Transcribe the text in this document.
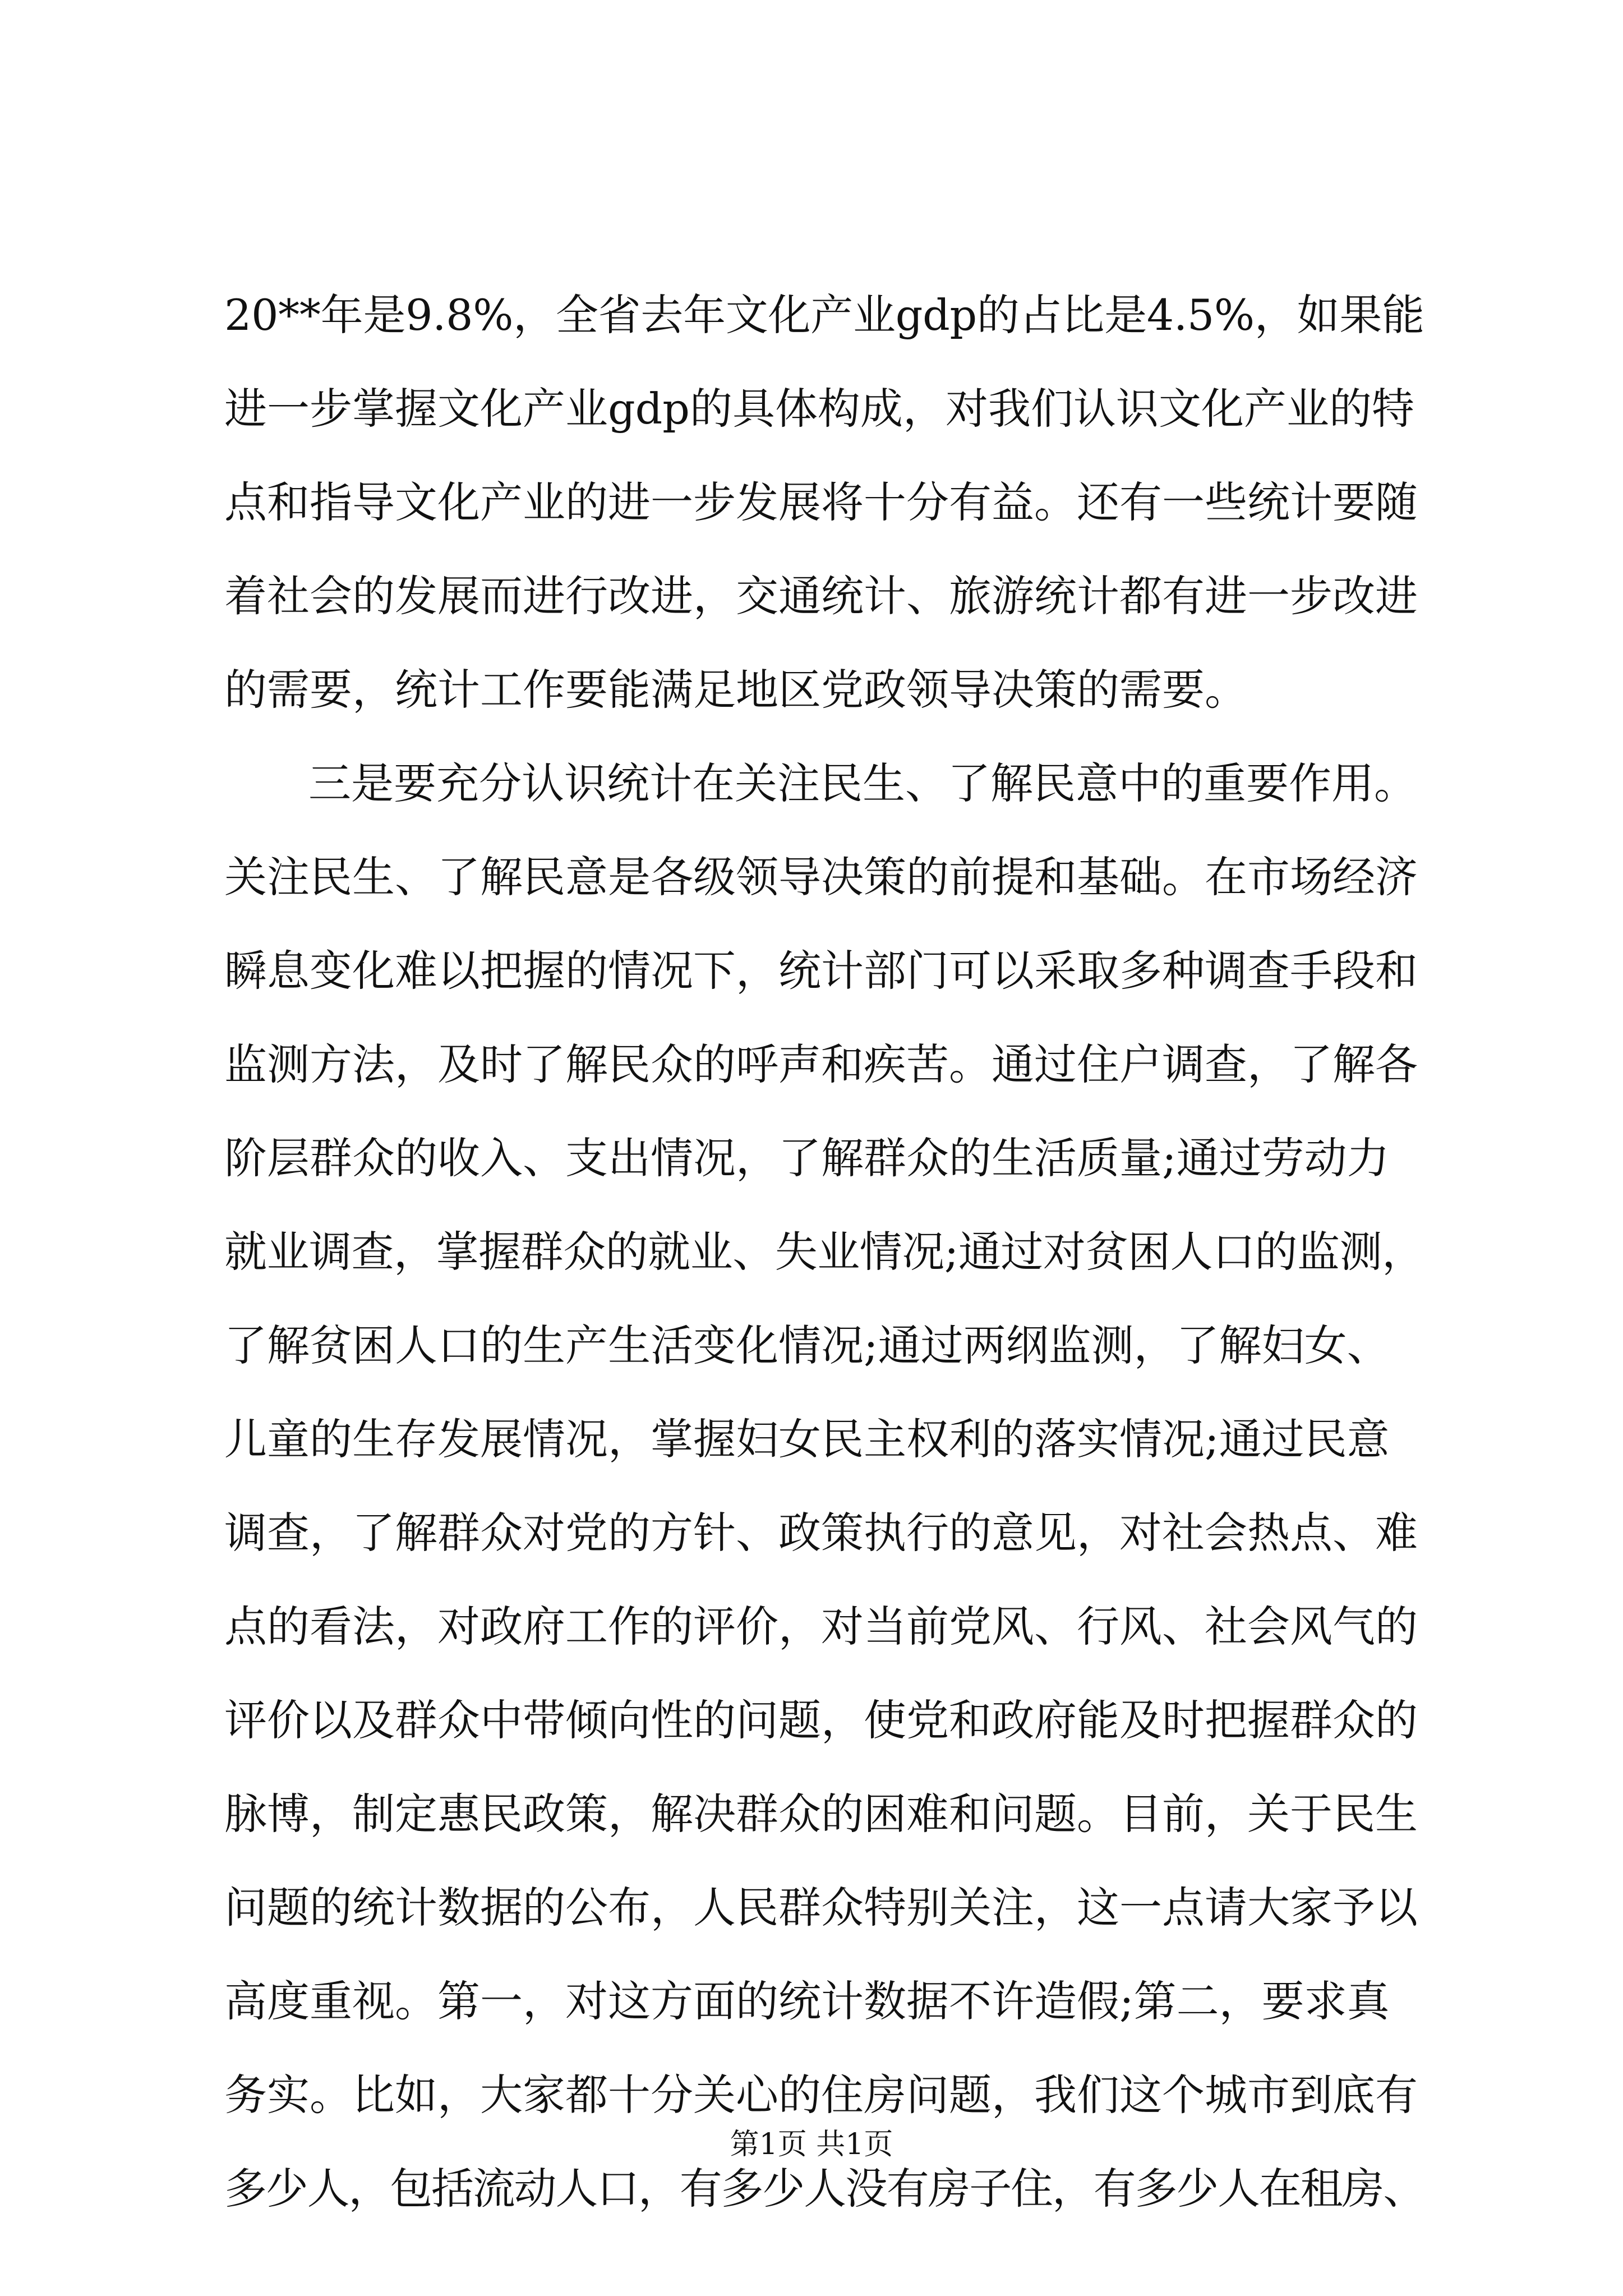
20**年是9.8%，全省去年文化产业gdp的占比是4.5%，如果能
进一步掌握文化产业gdp的具体构成，对我们认识文化产业的特
点和指导文化产业的进一步发展将十分有益。还有一些统计要随
着社会的发展而进行改进，交通统计、旅游统计都有进一步改进
的需要，统计工作要能满足地区党政领导决策的需要。
三是要充分认识统计在关注民生、了解民意中的重要作用。
关注民生、了解民意是各级领导决策的前提和基础。在市场经济
瞬息变化难以把握的情况下，统计部门可以采取多种调查手段和
监测方法，及时了解民众的呼声和疾苦。通过住户调查，了解各
阶层群众的收入、支出情况，了解群众的生活质量;通过劳动力
就业调查，掌握群众的就业、失业情况;通过对贫困人口的监测，
了解贫困人口的生产生活变化情况;通过两纲监测，了解妇女、
儿童的生存发展情况，掌握妇女民主权利的落实情况;通过民意
调查，了解群众对党的方针、政策执行的意见，对社会热点、难
点的看法，对政府工作的评价，对当前党风、行风、社会风气的
评价以及群众中带倾向性的问题，使党和政府能及时把握群众的
脉博，制定惠民政策，解决群众的困难和问题。目前，关于民生
问题的统计数据的公布，人民群众特别关注，这一点请大家予以
高度重视。第一，对这方面的统计数据不许造假;第二，要求真
务实。比如，大家都十分关心的住房问题，我们这个城市到底有
多少人，包括流动人口，有多少人没有房子住，有多少人在租房、
第1页 共1页
